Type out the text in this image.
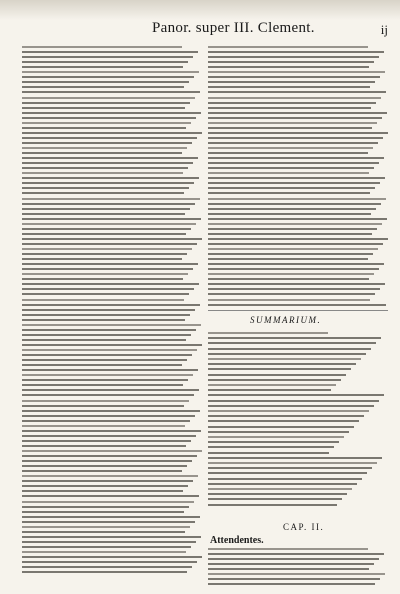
Panor. super III. Clement.	ij
SUMMARIUM.
CAP. II.
Attendentes.
